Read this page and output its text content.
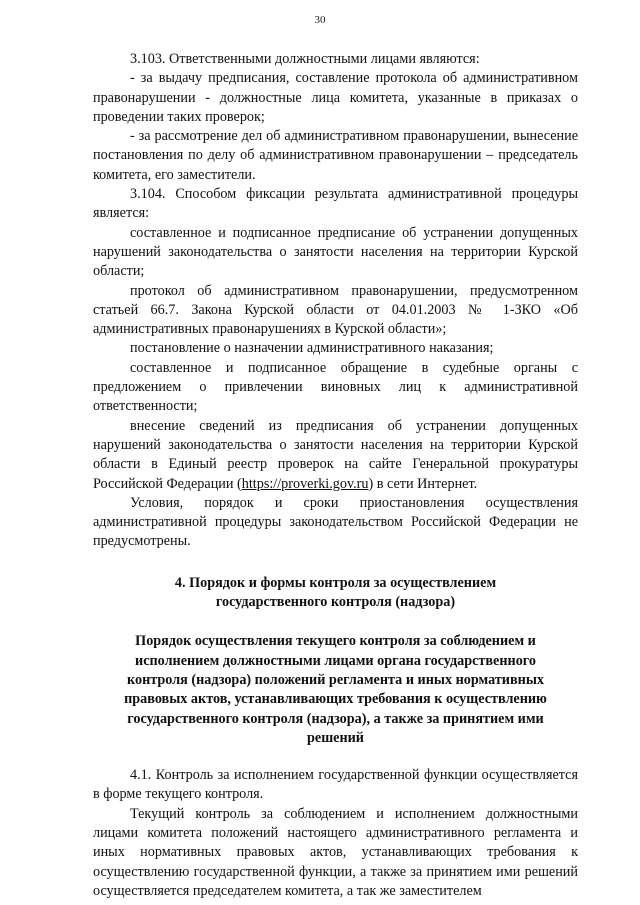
30

3.103. Ответственными должностными лицами являются:

- за выдачу предписания, составление протокола об административном правонарушении - должностные лица комитета, указанные в приказах о проведении таких проверок;

- за рассмотрение дел об административном правонарушении, вынесение постановления по делу об административном правонарушении – председатель комитета, его заместители.

3.104. Способом фиксации результата административной процедуры является:

составленное и подписанное предписание об устранении допущенных нарушений законодательства о занятости населения на территории Курской области;

протокол об административном правонарушении, предусмотренном статьей 66.7. Закона Курской области от 04.01.2003 № 1-ЗКО «Об административных правонарушениях в Курской области»;

постановление о назначении административного наказания;

составленное и подписанное обращение в судебные органы с предложением о привлечении виновных лиц к административной ответственности;

внесение сведений из предписания об устранении допущенных нарушений законодательства о занятости населения на территории Курской области в Единый реестр проверок на сайте Генеральной прокуратуры Российской Федерации (https://proverki.gov.ru) в сети Интернет.

Условия, порядок и сроки приостановления осуществления административной процедуры законодательством Российской Федерации не предусмотрены.

4. Порядок и формы контроля за осуществлением государственного контроля (надзора)
Порядок осуществления текущего контроля за соблюдением и исполнением должностными лицами органа государственного контроля (надзора) положений регламента и иных нормативных правовых актов, устанавливающих требования к осуществлению государственного контроля (надзора), а также за принятием ими решений

4.1. Контроль за исполнением государственной функции осуществляется в форме текущего контроля.

Текущий контроль за соблюдением и исполнением должностными лицами комитета положений настоящего административного регламента и иных нормативных правовых актов, устанавливающих требования к осуществлению государственной функции, а также за принятием ими решений осуществляется председателем комитета, а так же заместителем
